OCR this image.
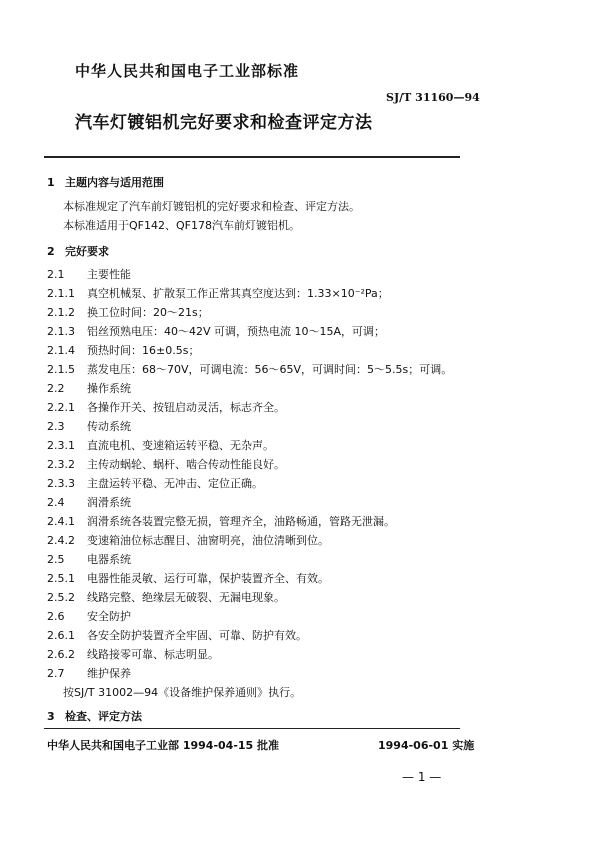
中华人民共和国电子工业部标准
SJ/T 31160—94
汽车灯镀铝机完好要求和检查评定方法
1 主题内容与适用范围
本标准规定了汽车前灯镀铝机的完好要求和检查、评定方法。
本标准适用于QF142、QF178汽车前灯镀铝机。
2 完好要求
2.1 主要性能
2.1.1 真空机械泵、扩散泵工作正常其真空度达到：1.33×10⁻²Pa；
2.1.2 换工位时间：20～21s；
2.1.3 铝丝预熟电压：40～42V 可调，预热电流 10～15A，可调；
2.1.4 预热时间：16±0.5s；
2.1.5 蒸发电压：68～70V，可调电流：56～65V，可调时间：5～5.5s；可调。
2.2 操作系统
2.2.1 各操作开关、按钮启动灵活，标志齐全。
2.3 传动系统
2.3.1 直流电机、变速箱运转平稳、无杂声。
2.3.2 主传动蜗轮、蜗杆、啮合传动性能良好。
2.3.3 主盘运转平稳、无冲击、定位正确。
2.4 润滑系统
2.4.1 润滑系统各装置完整无损，管理齐全，油路畅通，管路无泄漏。
2.4.2 变速箱油位标志醒目、油窗明亮，油位清晰到位。
2.5 电器系统
2.5.1 电器性能灵敏、运行可靠，保护装置齐全、有效。
2.5.2 线路完整、绝缘层无破裂、无漏电现象。
2.6 安全防护
2.6.1 各安全防护装置齐全牢固、可靠、防护有效。
2.6.2 线路接零可靠、标志明显。
2.7 维护保养
按SJ/T 31002—94《设备维护保养通则》执行。
3 检查、评定方法
中华人民共和国电子工业部 1994-04-15 批准	1994-06-01 实施
— 1 —
